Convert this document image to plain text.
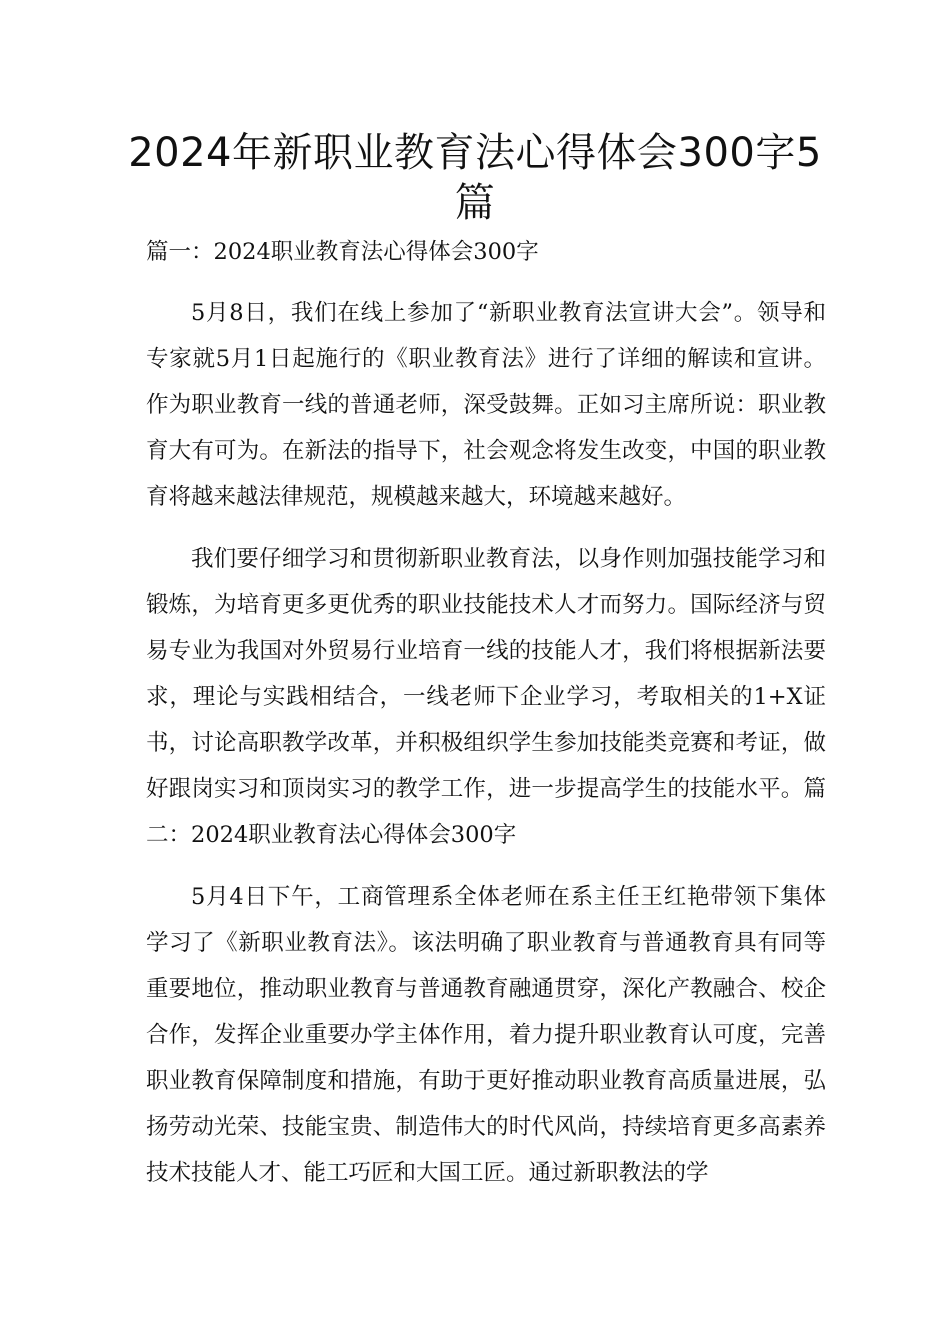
2024年新职业教育法心得体会300字5篇

篇一：2024职业教育法心得体会300字

5月8日，我们在线上参加了“新职业教育法宣讲大会”。领导和专家就5月1日起施行的《职业教育法》进行了详细的解读和宣讲。作为职业教育一线的普通老师，深受鼓舞。正如习主席所说：职业教育大有可为。在新法的指导下，社会观念将发生改变，中国的职业教育将越来越法律规范，规模越来越大，环境越来越好。

我们要仔细学习和贯彻新职业教育法，以身作则加强技能学习和锻炼，为培育更多更优秀的职业技能技术人才而努力。国际经济与贸易专业为我国对外贸易行业培育一线的技能人才，我们将根据新法要求，理论与实践相结合，一线老师下企业学习，考取相关的1+X证书，讨论高职教学改革，并积极组织学生参加技能类竞赛和考证，做好跟岗实习和顶岗实习的教学工作，进一步提高学生的技能水平。篇二：2024职业教育法心得体会300字

5月4日下午，工商管理系全体老师在系主任王红艳带领下集体学习了《新职业教育法》。该法明确了职业教育与普通教育具有同等重要地位，推动职业教育与普通教育融通贯穿，深化产教融合、校企合作，发挥企业重要办学主体作用，着力提升职业教育认可度，完善职业教育保障制度和措施，有助于更好推动职业教育高质量进展，弘扬劳动光荣、技能宝贵、制造伟大的时代风尚，持续培育更多高素养技术技能人才、能工巧匠和大国工匠。通过新职教法的学
